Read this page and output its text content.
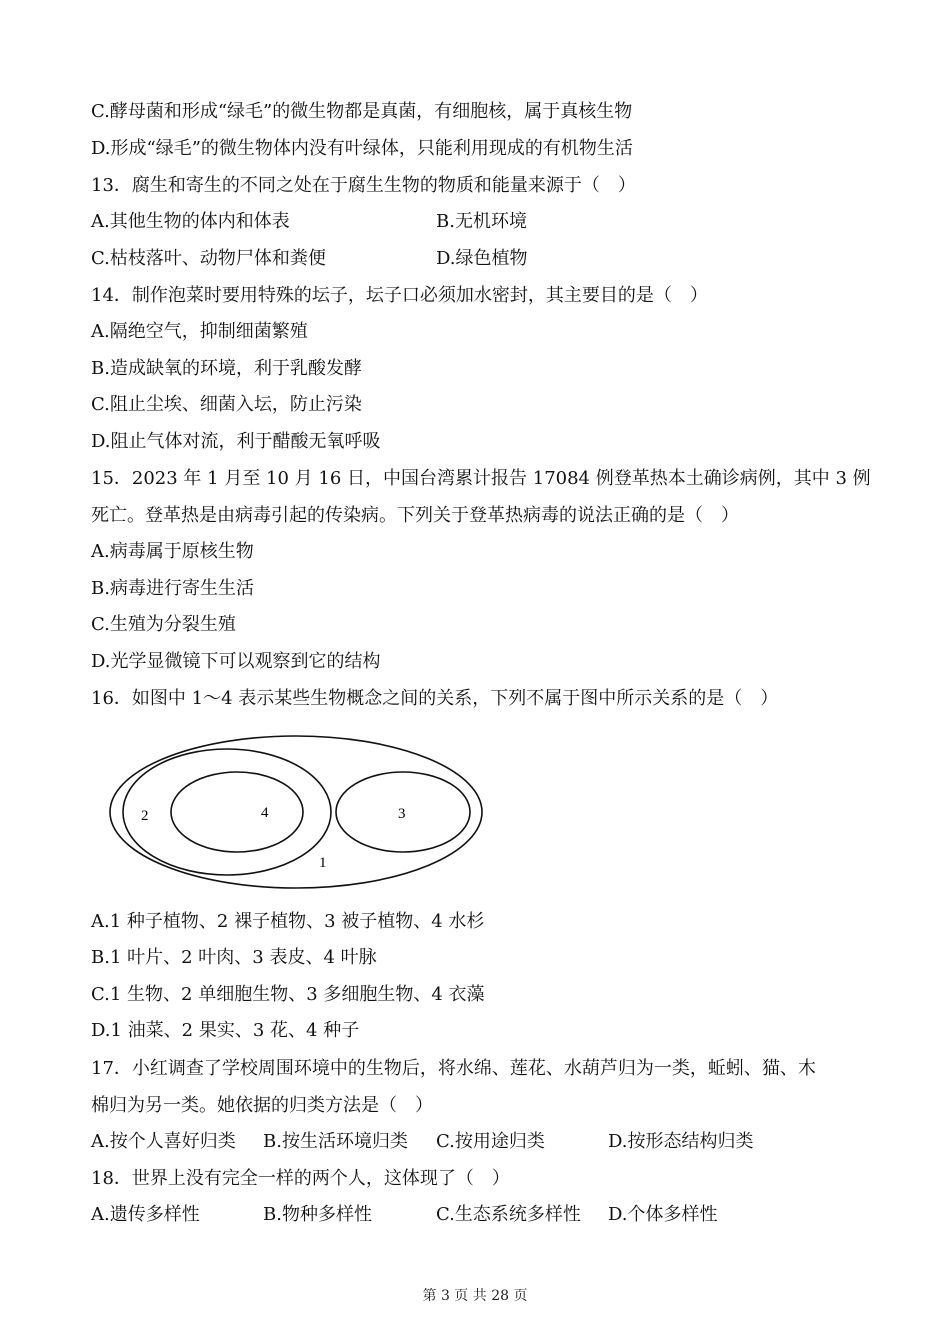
C.酵母菌和形成“绿毛”的微生物都是真菌，有细胞核，属于真核生物
D.形成“绿毛”的微生物体内没有叶绿体，只能利用现成的有机物生活
13．腐生和寄生的不同之处在于腐生生物的物质和能量来源于（　）
A.其他生物的体内和体表	B.无机环境
C.枯枝落叶、动物尸体和粪便	D.绿色植物
14．制作泡菜时要用特殊的坛子，坛子口必须加水密封，其主要目的是（　）
A.隔绝空气，抑制细菌繁殖
B.造成缺氧的环境，利于乳酸发酵
C.阻止尘埃、细菌入坛，防止污染
D.阻止气体对流，利于醋酸无氧呼吸
15．2023 年 1 月至 10 月 16 日，中国台湾累计报告 17084 例登革热本土确诊病例，其中 3 例
死亡。登革热是由病毒引起的传染病。下列关于登革热病毒的说法正确的是（　）
A.病毒属于原核生物
B.病毒进行寄生生活
C.生殖为分裂生殖
D.光学显微镜下可以观察到它的结构
16．如图中 1～4 表示某些生物概念之间的关系，下列不属于图中所示关系的是（　）
2	4	3
1
A.1 种子植物、2 裸子植物、3 被子植物、4 水杉
B.1 叶片、2 叶肉、3 表皮、4 叶脉
C.1 生物、2 单细胞生物、3 多细胞生物、4 衣藻
D.1 油菜、2 果实、3 花、4 种子
17．小红调查了学校周围环境中的生物后，将水绵、莲花、水葫芦归为一类，蚯蚓、猫、木
棉归为另一类。她依据的归类方法是（　）
A.按个人喜好归类 B.按生活环境归类 C.按用途归类	D.按形态结构归类
18．世界上没有完全一样的两个人，这体现了（　）
A.遗传多样性	B.物种多样性	C.生态系统多样性 D.个体多样性
第 3 页 共 28 页
